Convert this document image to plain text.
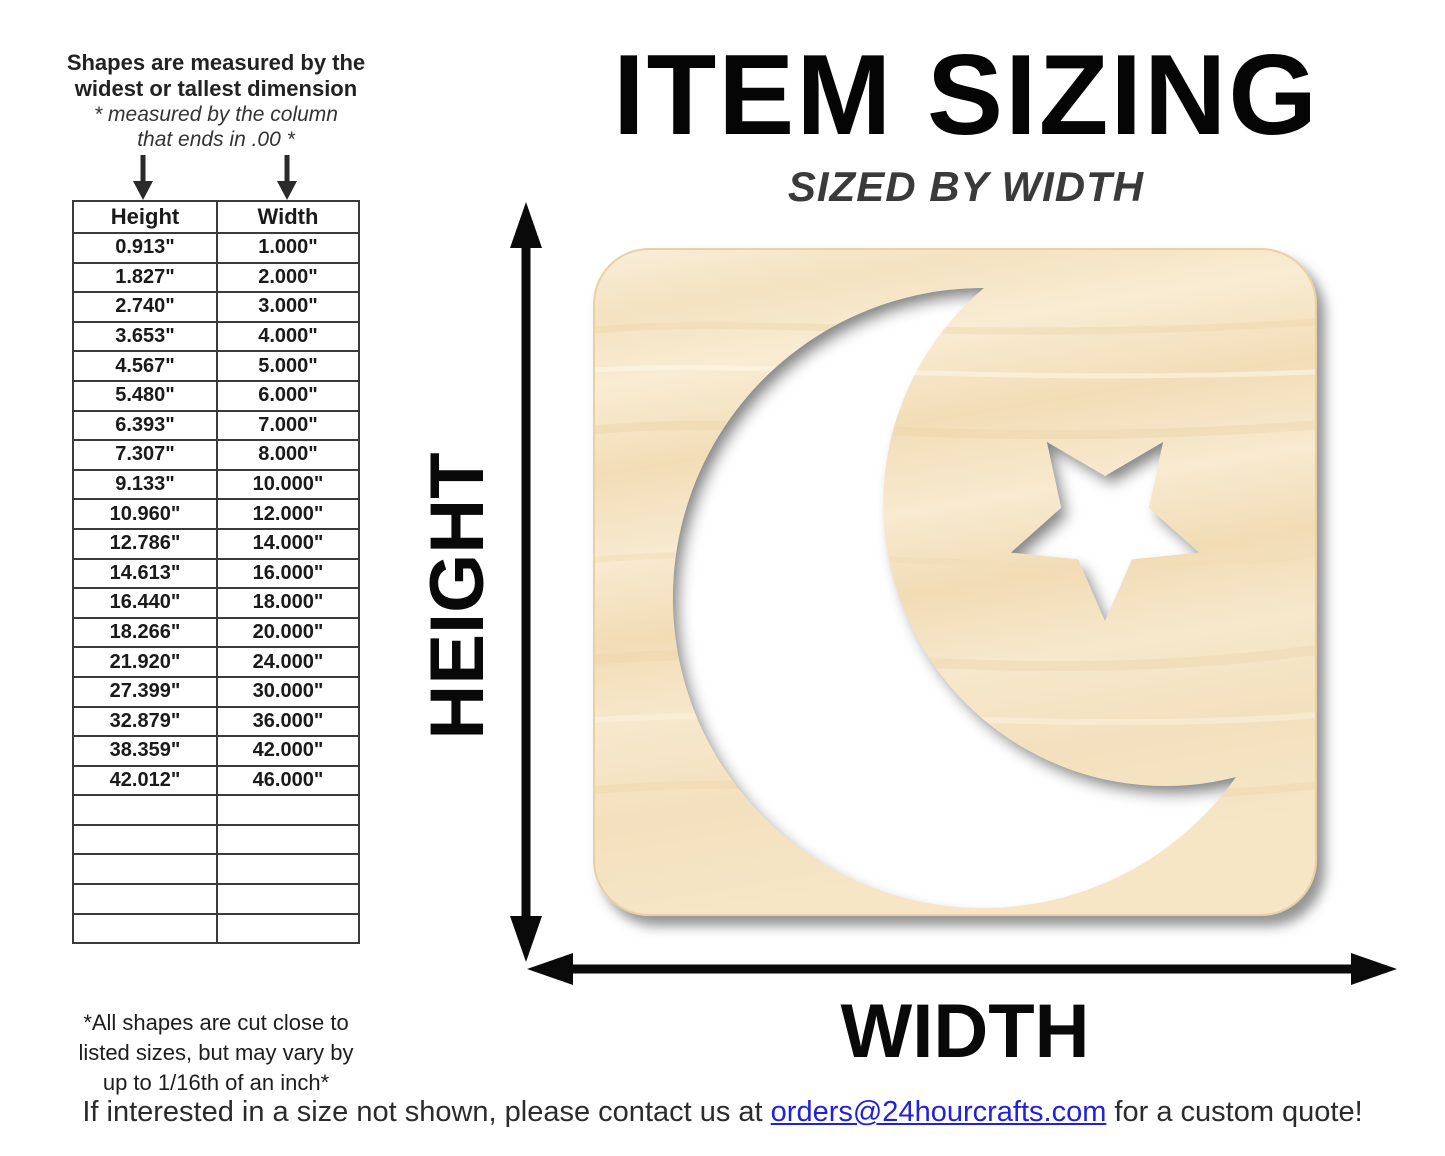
Shapes are measured by the
widest or tallest dimension
* measured by the column
that ends in .00 *
Height	Width
0.913"	1.000"
1.827"	2.000"
2.740"	3.000"
3.653"	4.000"
4.567"	5.000"
5.480"	6.000"
6.393"	7.000"
7.307"	8.000"
9.133"	10.000"
10.960"	12.000"
12.786"	14.000"
14.613"	16.000"
16.440"	18.000"
18.266"	20.000"
21.920"	24.000"
27.399"	30.000"
32.879"	36.000"
38.359"	42.000"
42.012"	46.000"

*All shapes are cut close to
listed sizes, but may vary by
up to 1/16th of an inch*
ITEM SIZING
SIZED BY WIDTH
HEIGHT
WIDTH
If interested in a size not shown, please contact us at orders@24hourcrafts.com for a custom quote!
